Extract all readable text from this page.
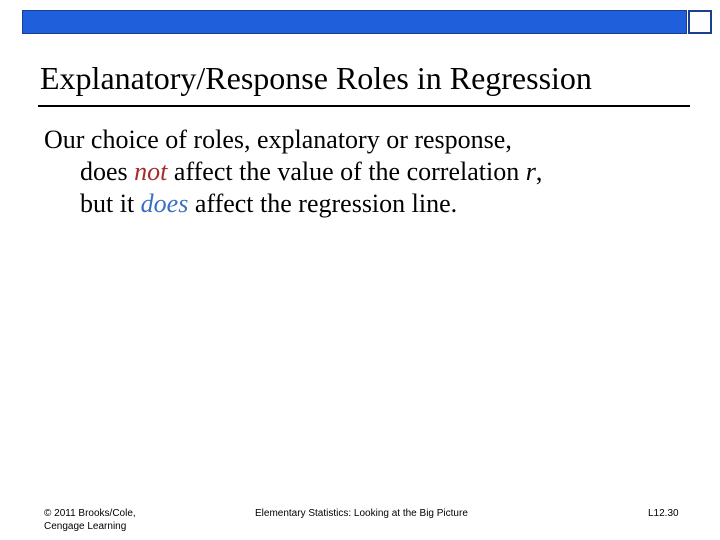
Explanatory/Response Roles in Regression
Our choice of roles, explanatory or response,
does not affect the value of the correlation r,
but it does affect the regression line.
© 2011 Brooks/Cole,
Cengage Learning
Elementary Statistics: Looking at the Big Picture	L12.30
